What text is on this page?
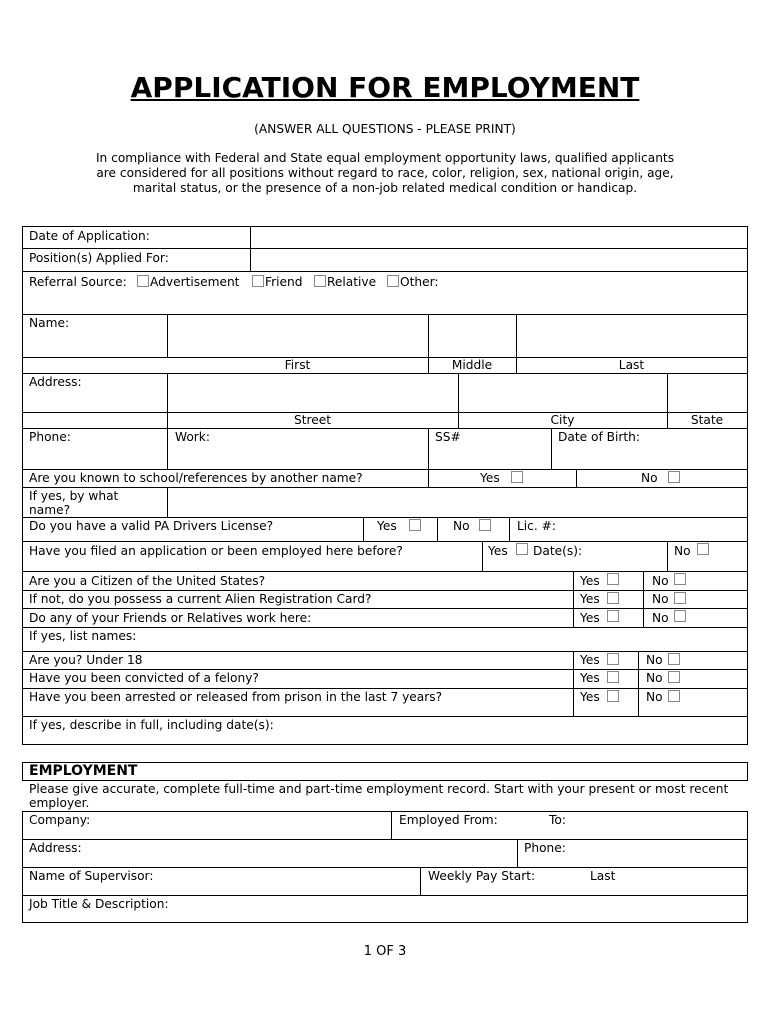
APPLICATION FOR EMPLOYMENT
(ANSWER ALL QUESTIONS - PLEASE PRINT)
In compliance with Federal and State equal employment opportunity laws, qualified applicants are considered for all positions without regard to race, color, religion, sex, national origin, age, marital status, or the presence of a non-job related medical condition or handicap.
Date of Application:
Position(s) Applied For:
Referral Source: Advertisement Friend Relative Other:
Name:
First	Middle	Last
Address:
Street	City	State
Phone:	Work:	SS#	Date of Birth:
Are you known to school/references by another name?	Yes	No
If yes, by what name?
Do you have a valid PA Drivers License?	Yes	No	Lic. #:
Have you filed an application or been employed here before?	Yes Date(s):	No
Are you a Citizen of the United States?	Yes	No
If not, do you possess a current Alien Registration Card?	Yes	No
Do any of your Friends or Relatives work here:	Yes	No
If yes, list names:
Are you? Under 18	Yes	No
Have you been convicted of a felony?	Yes	No
Have you been arrested or released from prison in the last 7 years?	Yes	No
If yes, describe in full, including date(s):
EMPLOYMENT
Please give accurate, complete full-time and part-time employment record. Start with your present or most recent employer.
Company:	Employed From:	To:
Address:	Phone:
Name of Supervisor:	Weekly Pay Start:	Last
Job Title & Description:
1 OF 3
